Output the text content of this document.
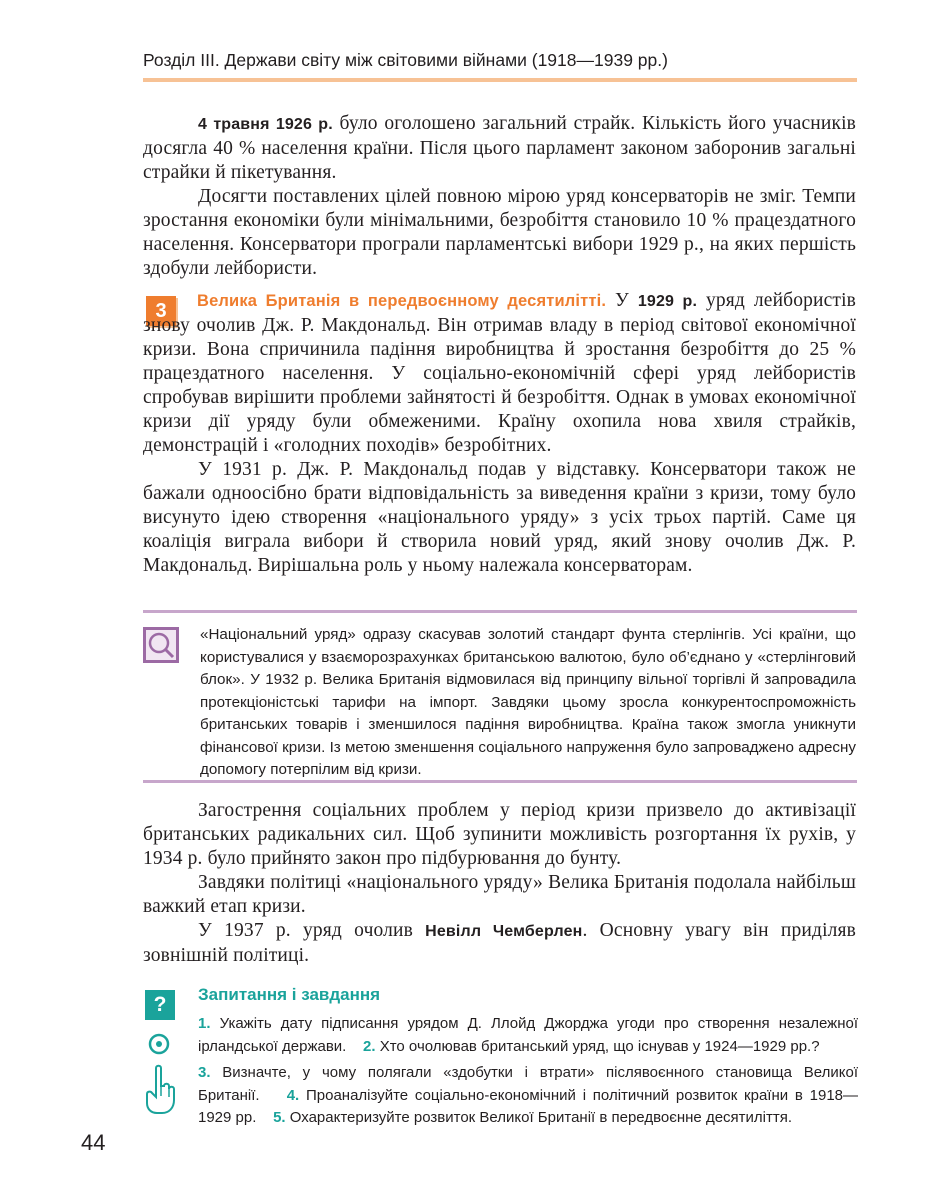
Розділ III. Держави світу між світовими війнами (1918—1939 рр.)

4 травня 1926 р. було оголошено загальний страйк. Кількість його учасників досягла 40 % населення країни. Після цього парламент законом заборонив загальні страйки й пікетування.

Досягти поставлених цілей повною мірою уряд консерваторів не зміг. Темпи зростання економіки були мінімальними, безробіття становило 10 % працездатного населення. Консерватори програли парламентські вибори 1929 р., на яких першість здобули лейбористи.

3	Велика Британія в передвоєнному десятилітті. У 1929 р. уряд лейбористів знову очолив Дж. Р. Макдональд. Він отримав владу в період світової економічної кризи. Вона спричинила падіння виробництва й зростання безробіття до 25 % працездатного населення. У соціально-економічній сфері уряд лейбористів спробував вирішити проблеми зайнятості й безробіття. Однак в умовах економічної кризи дії уряду були обмеженими. Країну охопила нова хвиля страйків, демонстрацій і «голодних походів» безробітних.

У 1931 р. Дж. Р. Макдональд подав у відставку. Консерватори також не бажали одноосібно брати відповідальність за виведення країни з кризи, тому було висунуто ідею створення «національного уряду» з усіх трьох партій. Саме ця коаліція виграла вибори й створила новий уряд, який знову очолив Дж. Р. Макдональд. Вирішальна роль у ньому належала консерваторам.

«Національний уряд» одразу скасував золотий стандарт фунта стерлінгів. Усі країни, що користувалися у взаєморозрахунках британською валютою, було об’єднано у «стерлінговий блок». У 1932 р. Велика Британія відмовилася від принципу вільної торгівлі й запровадила протекціоністські тарифи на імпорт. Завдяки цьому зросла конкурентоспроможність британських товарів і зменшилося падіння виробництва. Країна також змогла уникнути фінансової кризи. Із метою зменшення соціального напруження було запроваджено адресну допомогу потерпілим від кризи.

Загострення соціальних проблем у період кризи призвело до активізації британських радикальних сил. Щоб зупинити можливість розгортання їх рухів, у 1934 р. було прийнято закон про підбурювання до бунту.

Завдяки політиці «національного уряду» Велика Британія подолала найбільш важкий етап кризи.

У 1937 р. уряд очолив Невілл Чемберлен. Основну увагу він приділяв зовнішній політиці.

?	Запитання і завдання

1. Укажіть дату підписання урядом Д. Ллойд Джорджа угоди про створення незалежної ірландської держави. 2. Хто очолював британський уряд, що існував у 1924—1929 рр.?

3. Визначте, у чому полягали «здобутки і втрати» післявоєнного становища Великої Британії. 4. Проаналізуйте соціально-економічний і політичний розвиток країни в 1918—1929 рр. 5. Охарактеризуйте розвиток Великої Британії в передвоєнне десятиліття.

44
